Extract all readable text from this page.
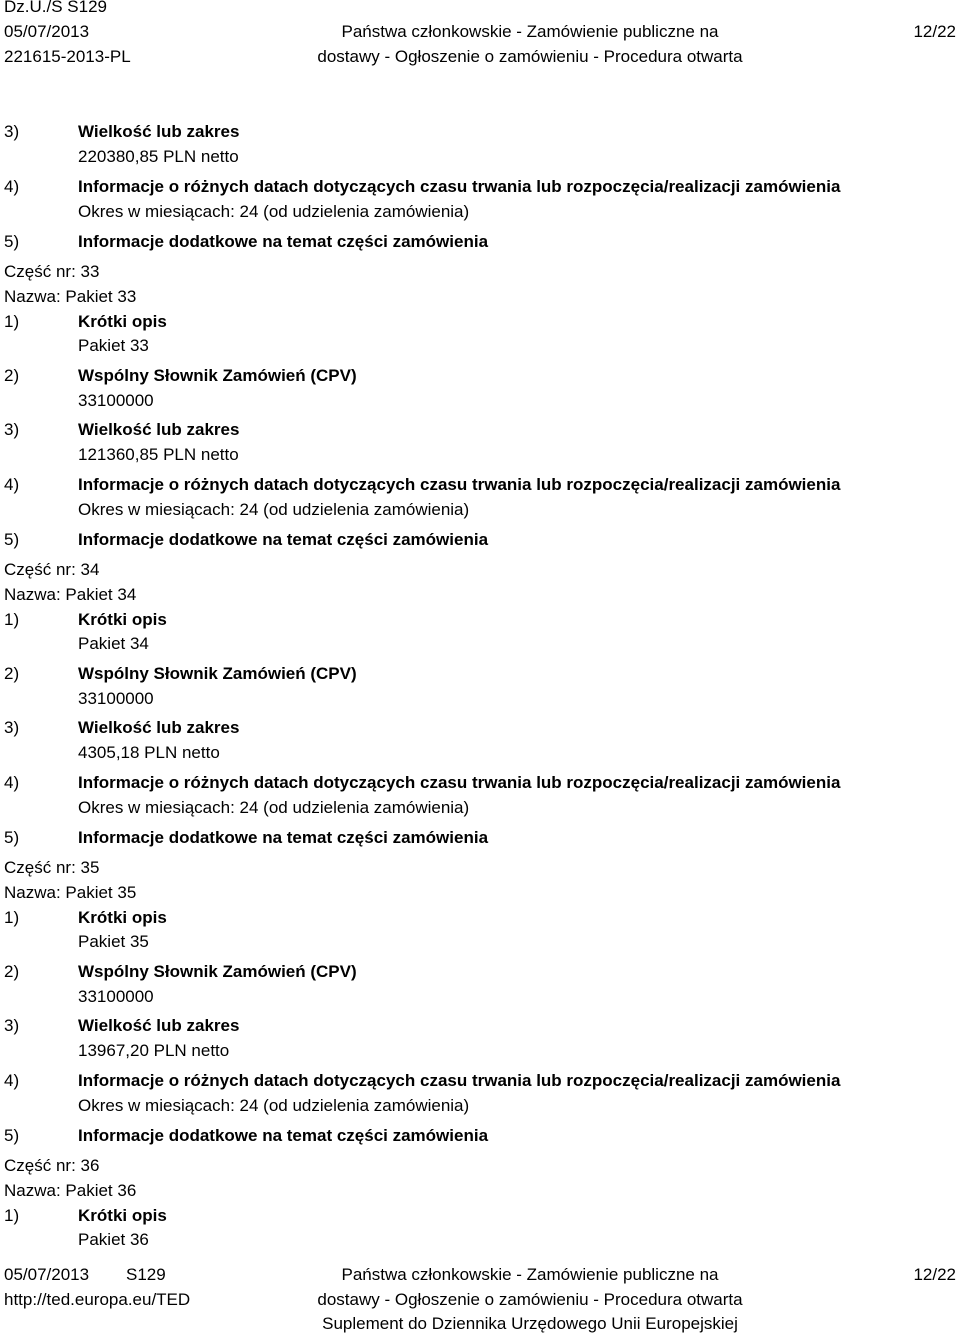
Dz.U./S S129
05/07/2013
221615-2013-PL
Państwa członkowskie - Zamówienie publiczne na
dostawy - Ogłoszenie o zamówieniu - Procedura otwarta
12/22
3)	Wielkość lub zakres
220380,85 PLN netto
4)	Informacje o różnych datach dotyczących czasu trwania lub rozpoczęcia/realizacji zamówienia
Okres w miesiącach: 24 (od udzielenia zamówienia)
5)	Informacje dodatkowe na temat części zamówienia
Część nr: 33
Nazwa: Pakiet 33
1)	Krótki opis
Pakiet 33
2)	Wspólny Słownik Zamówień (CPV)
33100000
3)	Wielkość lub zakres
121360,85 PLN netto
4)	Informacje o różnych datach dotyczących czasu trwania lub rozpoczęcia/realizacji zamówienia
Okres w miesiącach: 24 (od udzielenia zamówienia)
5)	Informacje dodatkowe na temat części zamówienia
Część nr: 34
Nazwa: Pakiet 34
1)	Krótki opis
Pakiet 34
2)	Wspólny Słownik Zamówień (CPV)
33100000
3)	Wielkość lub zakres
4305,18 PLN netto
4)	Informacje o różnych datach dotyczących czasu trwania lub rozpoczęcia/realizacji zamówienia
Okres w miesiącach: 24 (od udzielenia zamówienia)
5)	Informacje dodatkowe na temat części zamówienia
Część nr: 35
Nazwa: Pakiet 35
1)	Krótki opis
Pakiet 35
2)	Wspólny Słownik Zamówień (CPV)
33100000
3)	Wielkość lub zakres
13967,20 PLN netto
4)	Informacje o różnych datach dotyczących czasu trwania lub rozpoczęcia/realizacji zamówienia
Okres w miesiącach: 24 (od udzielenia zamówienia)
5)	Informacje dodatkowe na temat części zamówienia
Część nr: 36
Nazwa: Pakiet 36
1)	Krótki opis
Pakiet 36
05/07/2013 S129
http://ted.europa.eu/TED
Państwa członkowskie - Zamówienie publiczne na
dostawy - Ogłoszenie o zamówieniu - Procedura otwarta
Suplement do Dziennika Urzędowego Unii Europejskiej
12/22
